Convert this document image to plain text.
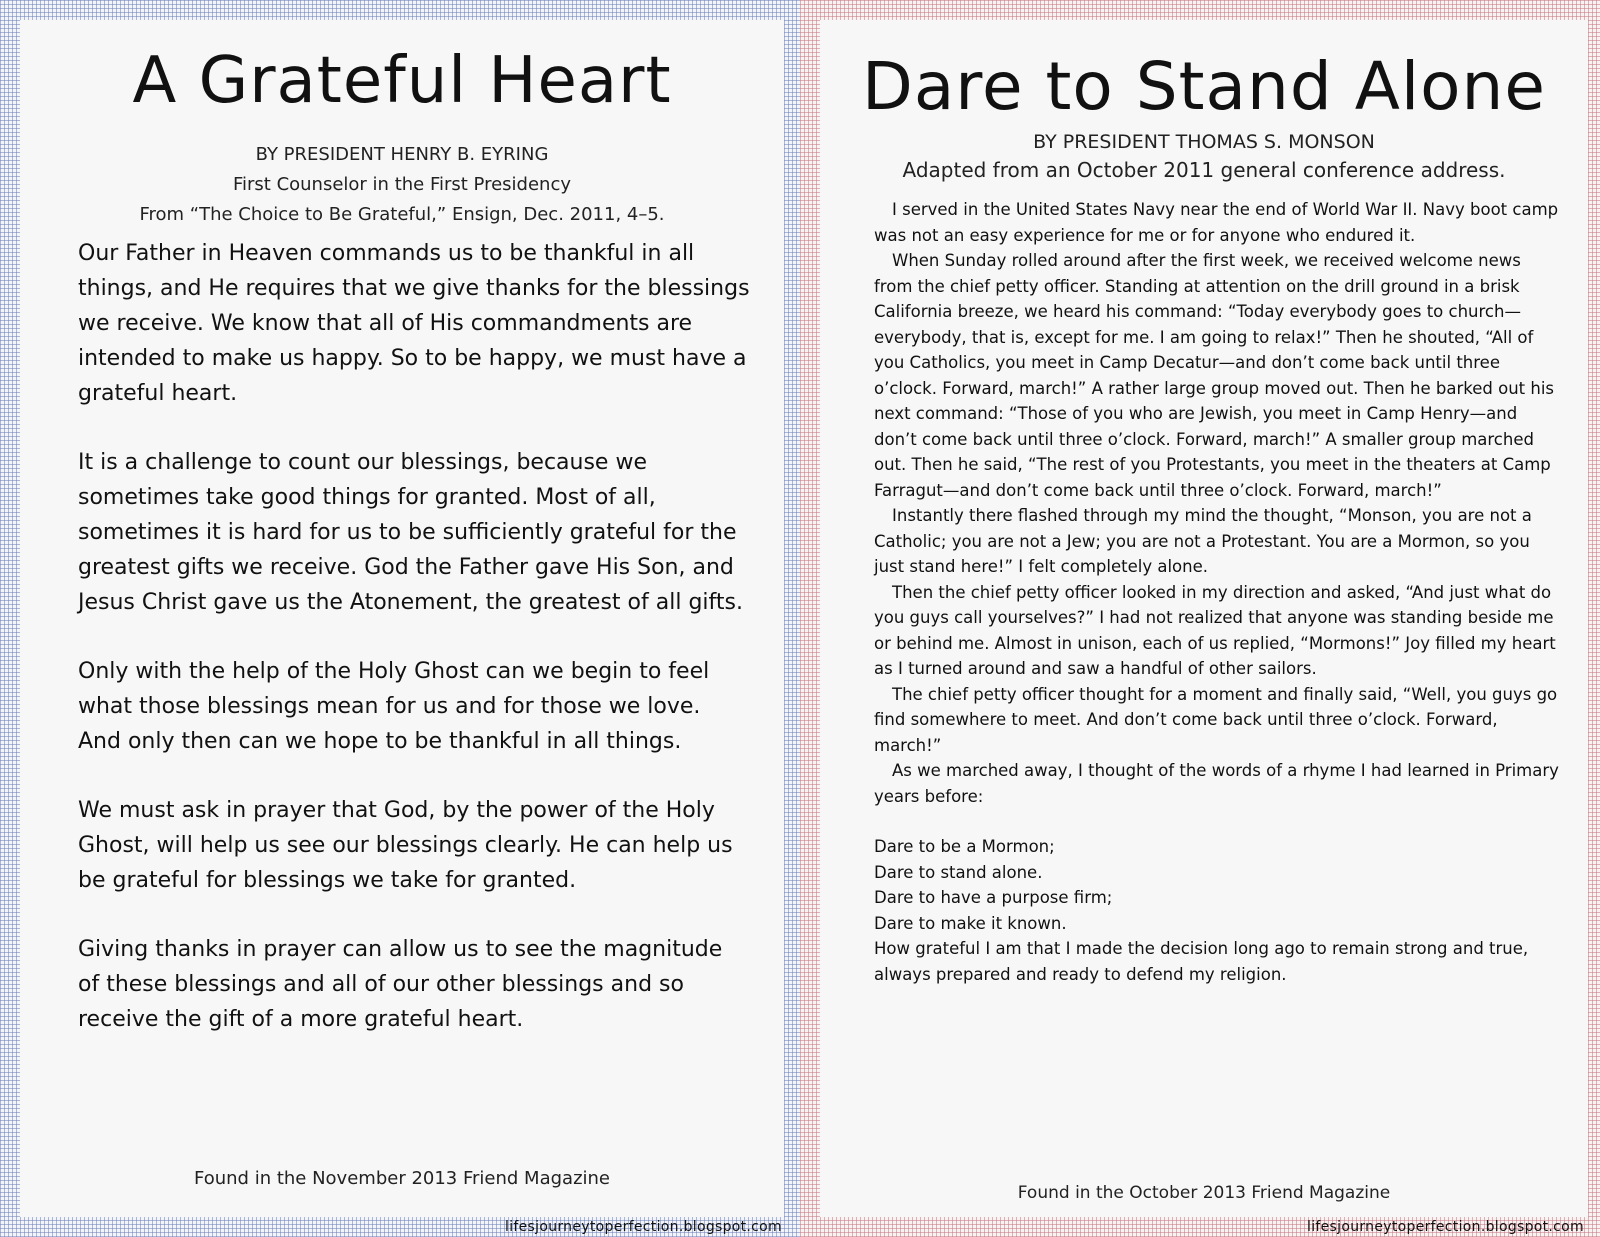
A Grateful Heart
BY PRESIDENT HENRY B. EYRING
First Counselor in the First Presidency
From “The Choice to Be Grateful,” Ensign, Dec. 2011, 4–5.

Our Father in Heaven commands us to be thankful in all things, and He requires that we give thanks for the blessings we receive. We know that all of His commandments are intended to make us happy. So to be happy, we must have a grateful heart.

It is a challenge to count our blessings, because we sometimes take good things for granted. Most of all, sometimes it is hard for us to be sufficiently grateful for the greatest gifts we receive. God the Father gave His Son, and Jesus Christ gave us the Atonement, the greatest of all gifts.

Only with the help of the Holy Ghost can we begin to feel what those blessings mean for us and for those we love. And only then can we hope to be thankful in all things.

We must ask in prayer that God, by the power of the Holy Ghost, will help us see our blessings clearly. He can help us be grateful for blessings we take for granted.

Giving thanks in prayer can allow us to see the magnitude of these blessings and all of our other blessings and so receive the gift of a more grateful heart.

Found in the November 2013 Friend Magazine
lifesjourneytoperfection.blogspot.com
Dare to Stand Alone
BY PRESIDENT THOMAS S. MONSON
Adapted from an October 2011 general conference address.

I served in the United States Navy near the end of World War II. Navy boot camp was not an easy experience for me or for anyone who endured it.

When Sunday rolled around after the first week, we received welcome news from the chief petty officer. Standing at attention on the drill ground in a brisk California breeze, we heard his command: “Today everybody goes to church—everybody, that is, except for me. I am going to relax!” Then he shouted, “All of you Catholics, you meet in Camp Decatur—and don’t come back until three o’clock. Forward, march!” A rather large group moved out. Then he barked out his next command: “Those of you who are Jewish, you meet in Camp Henry—and don’t come back until three o’clock. Forward, march!” A smaller group marched out. Then he said, “The rest of you Protestants, you meet in the theaters at Camp Farragut—and don’t come back until three o’clock. Forward, march!”

Instantly there flashed through my mind the thought, “Monson, you are not a Catholic; you are not a Jew; you are not a Protestant. You are a Mormon, so you just stand here!” I felt completely alone.

Then the chief petty officer looked in my direction and asked, “And just what do you guys call yourselves?” I had not realized that anyone was standing beside me or behind me. Almost in unison, each of us replied, “Mormons!” Joy filled my heart as I turned around and saw a handful of other sailors.

The chief petty officer thought for a moment and finally said, “Well, you guys go find somewhere to meet. And don’t come back until three o’clock. Forward, march!”

As we marched away, I thought of the words of a rhyme I had learned in Primary years before:

Dare to be a Mormon;
Dare to stand alone.
Dare to have a purpose firm;
Dare to make it known.

How grateful I am that I made the decision long ago to remain strong and true, always prepared and ready to defend my religion.

Found in the October 2013 Friend Magazine
lifesjourneytoperfection.blogspot.com
